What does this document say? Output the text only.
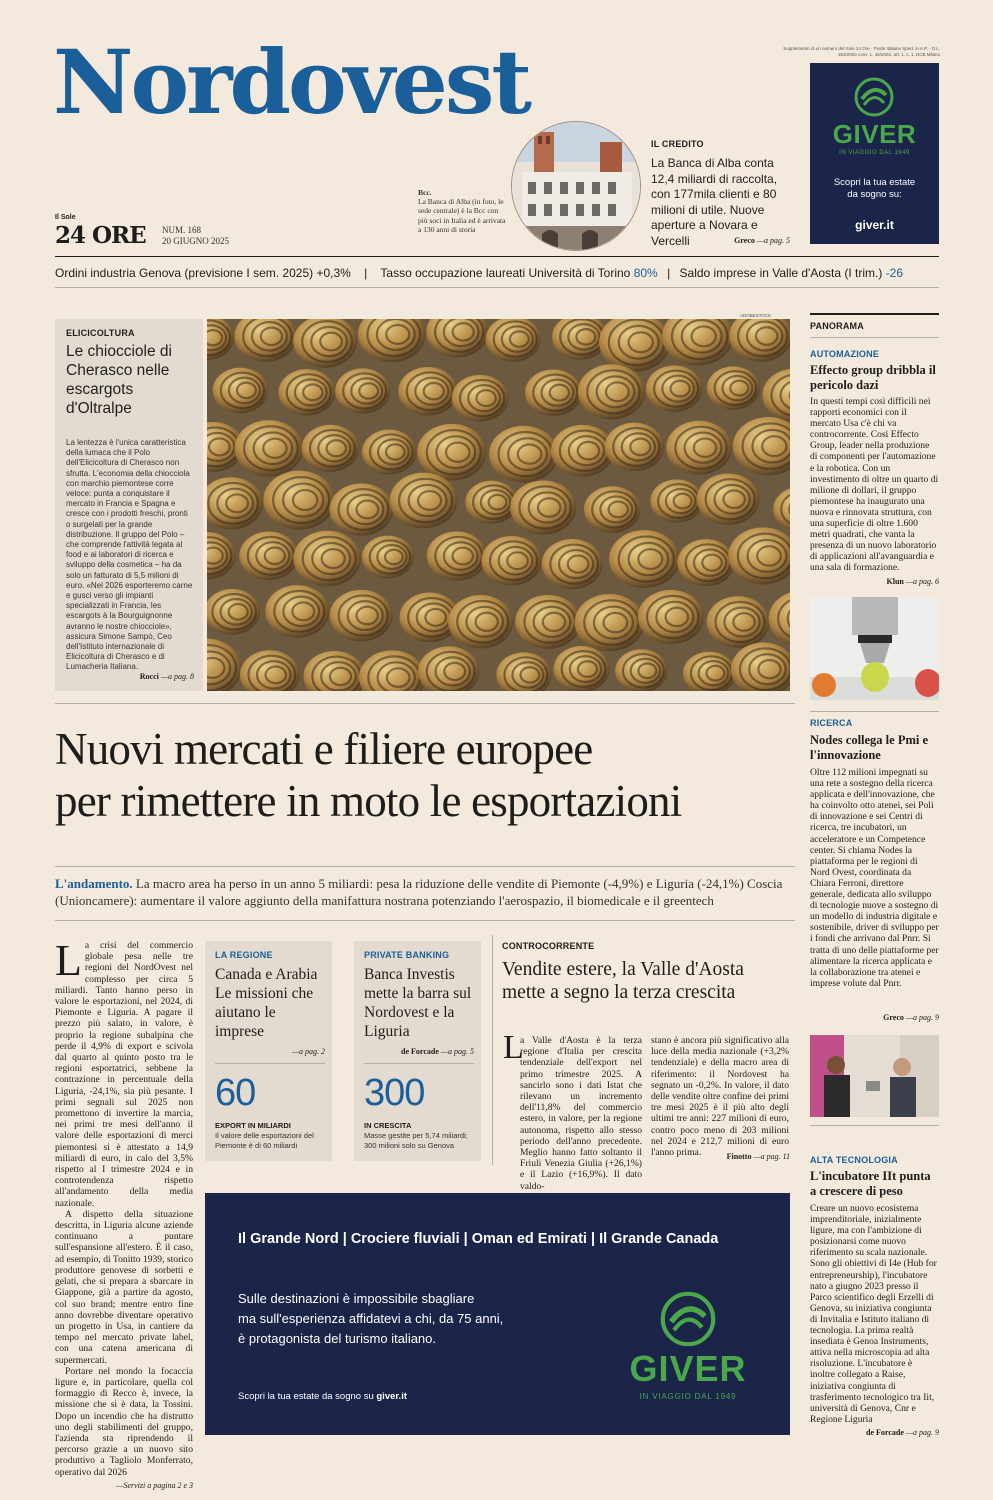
Nordovest
Il Sole
24 ORE NUM. 168
20 GIUGNO 2025
Supplemento di un numero del Sole 24 Ore · Poste Italiane Sped. in A.P. - D.L. 353/2003 conv. L. 46/2004, art. 1, c. 1, DCB Milano
Bcc.
La Banca di Alba (in foto, le sede centrale) è la Bcc con più soci in Italia ed è arrivata a 130 anni di storia
IL CREDITO
La Banca di Alba conta 12,4 miliardi di raccolta, con 177mila clienti e 80 milioni di utile. Nuove aperture a Novara e Vercelli	Greco —a pag. 5
GIVER
IN VIAGGIO DAL 1949
Scopri la tua estate da sogno su:
giver.it
Ordini industria Genova (previsione I sem. 2025) +0,3% | Tasso occupazione laureati Università di Torino 80% | Saldo imprese in Valle d'Aosta (I trim.) -26
ELICICOLTURA
Le chiocciole di Cherasco nelle escargots d'Oltralpe
La lentezza è l'unica caratteristica della lumaca che il Polo dell'Elicicoltura di Cherasco non sfrutta. L'economia della chiocciola con marchio piemontese corre veloce: punta a conquistare il mercato in Francia e Spagna e cresce con i prodotti freschi, pronti o surgelati per la grande distribuzione. Il gruppo del Polo – che comprende l'attività legata al food e ai laboratori di ricerca e sviluppo della cosmetica – ha da solo un fatturato di 5,5 milioni di euro. «Nel 2026 esporteremo carne e gusci verso gli impianti specializzati in Francia, les escargots à la Bourguignonne avranno le nostre chiocciole», assicura Simone Sampò, Ceo dell'Istituto internazionale di Elicicoltura di Cherasco e di Lumacheria Italiana.
Rocci —a pag. 8
ADOBESTOCK
Nuovi mercati e filiere europee
per rimettere in moto le esportazioni
L'andamento. La macro area ha perso in un anno 5 miliardi: pesa la riduzione delle vendite di Piemonte (-4,9%) e Liguria (-24,1%) Coscia (Unioncamere): aumentare il valore aggiunto della manifattura nostrana potenziando l'aerospazio, il biomedicale e il greentech
L a crisi del commercio globale pesa nelle tre regioni del NordOvest nel complesso per circa 5 miliardi. Tanto hanno perso in valore le esportazioni, nel 2024, di Piemonte e Liguria. A pagare il prezzo più salato, in valore, è proprio la regione subalpina che perde il 4,9% di export e scivola dal quarto al quinto posto tra le regioni esportatrici, sebbene la contrazione in percentuale della Liguria, -24,1%, sia più pesante. I primi segnali sul 2025 non promettono di invertire la marcia, nei primi tre mesi dell'anno il valore delle esportazioni di merci piemontesi si è attestato a 14,9 miliardi di euro, in calo del 3,5% rispetto al I trimestre 2024 e in controtendenza rispetto all'andamento della media nazionale.
A dispetto della situazione descritta, in Liguria alcune aziende continuano a puntare sull'espansione all'estero. È il caso, ad esempio, di Tonitto 1939, storico produttore genovese di sorbetti e gelati, che si prepara a sbarcare in Giappone, già a partire da agosto, col suo brand; mentre entro fine anno dovrebbe diventare operativo un progetto in Usa, in cantiere da tempo nel mercato private label, con una catena americana di supermercati.
Portare nel mondo la focaccia ligure e, in particolare, quella col formaggio di Recco è, invece, la missione che si è data, la Tossini. Dopo un incendio che ha distrutto uno degli stabilimenti del gruppo, l'azienda sta riprendendo il percorso grazie a un nuovo sito produttivo a Tagliolo Monferrato, operativo dal 2026
—Servizi a pagina 2 e 3
LA REGIONE
Canada e Arabia Le missioni che aiutano le imprese
—a pag. 2
60
EXPORT IN MILIARDI
Il valore delle esportazioni del Piemonte è di 60 miliardi
PRIVATE BANKING
Banca Investis mette la barra sul Nordovest e la Liguria
de Forcade —a pag. 5
300
IN CRESCITA
Masse gestite per 5,74 miliardi; 300 milioni solo su Genova
CONTROCORRENTE
Vendite estere, la Valle d'Aosta mette a segno la terza crescita
L
a Valle d'Aosta è la terza regione d'Italia per crescita tendenziale dell'export nel primo trimestre 2025. A sancirlo sono i dati Istat che rilevano un incremento dell'11,8% del commercio estero, in valore, per la regione autonoma, rispetto allo stesso periodo dell'anno precedente. Meglio hanno fatto soltanto il Friuli Venezia Giulia (+26,1%) e il Lazio (+16,9%). Il dato valdo-
stano è ancora più significativo alla luce della media nazionale (+3,2% tendenziale) e della macro area di riferimento: il Nordovest ha segnato un -0,2%. In valore, il dato delle vendite oltre confine dei primi tre mesi 2025 è il più alto degli ultimi tre anni: 227 milioni di euro, contro poco meno di 203 milioni nel 2024 e 212,7 milioni di euro l'anno prima.	Finotto —a pag. 11
Il Grande Nord | Crociere fluviali | Oman ed Emirati | Il Grande Canada
Sulle destinazioni è impossibile sbagliare
ma sull'esperienza affidatevi a chi, da 75 anni,
è protagonista del turismo italiano.
Scopri la tua estate da sogno su giver.it
GIVER
IN VIAGGIO DAL 1949
PANORAMA
AUTOMAZIONE
Effecto group dribbla il pericolo dazi
In questi tempi così difficili nei rapporti economici con il mercato Usa c'è chi va controcorrente. Così Effecto Group, leader nella produzione di componenti per l'automazione e la robotica. Con un investimento di oltre un quarto di milione di dollari, il gruppo piemontese ha inaugurato una nuova e rinnovata struttura, con una superficie di oltre 1.600 metri quadrati, che vanta la presenza di un nuovo laboratorio di applicazioni all'avanguardia e una sala di formazione.
Klun —a pag. 6
RICERCA
Nodes collega le Pmi e l'innovazione
Oltre 112 milioni impegnati su una rete a sostegno della ricerca applicata e dell'innovazione, che ha coinvolto otto atenei, sei Poli di innovazione e sei Centri di ricerca, tre incubatori, un acceleratore e un Competence center. Si chiama Nodes la piattaforma per le regioni di Nord Ovest, coordinata da Chiara Ferroni, direttore generale, dedicata allo sviluppo di tecnologie nuove a sostegno di un modello di industria digitale e sostenibile, driver di sviluppo per i fondi che arrivano dal Pnrr. Si tratta di uno delle piattaforme per alimentare la ricerca applicata e la collaborazione tra atenei e imprese volute dal Pnrr.
Greco —a pag. 9
ALTA TECNOLOGIA
L'incubatore IIt punta a crescere di peso
Creare un nuovo ecosistema imprenditoriale, inizialmente ligure, ma con l'ambizione di posizionarsi come nuovo riferimento su scala nazionale. Sono gli obiettivi di I4e (Hub for entrepreneurship), l'incubatore nato a giugno 2023 presso il Parco scientifico degli Erzelli di Genova, su iniziativa congiunta di Invitalia e Istituto italiano di tecnologia. La prima realtà insediata è Genoa Instruments, attiva nella microscopia ad alta risoluzione. L'incubatore è inoltre collegato a Raise, iniziativa congiunta di trasferimento tecnologico tra Iit, università di Genova, Cnr e Regione Liguria
de Forcade —a pag. 9
